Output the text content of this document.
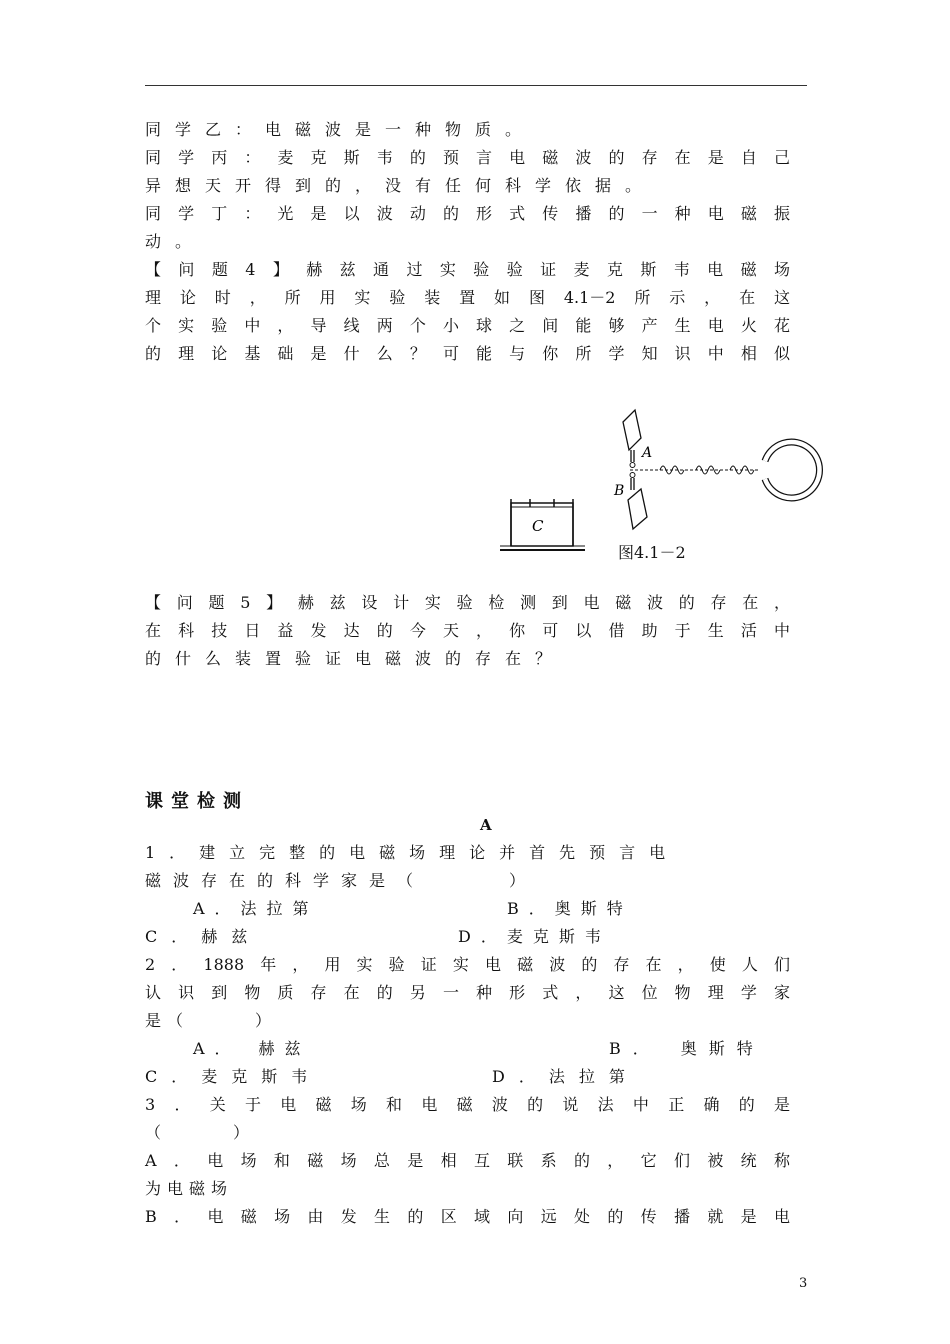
同学乙：电磁波是一种物质。
同学丙：麦克斯韦的预言电磁波的存在是自己
异想天开得到的，没有任何科学依据。
同学丁：光是以波动的形式传播的一种电磁振
动。
【问题4】赫兹通过实验验证麦克斯韦电磁场
理论时，所用实验装置如图4.1－2所示，在这
个实验中，导线两个小球之间能够产生电火花
的理论基础是什么？可能与你所学知识中相似
C
A
B
图4.1－2
【问题5】赫兹设计实验检测到电磁波的存在，
在科技日益发达的今天，你可以借助于生活中
的什么装置验证电磁波的存在？
课堂检测
A
1．建立完整的电磁场理论并首先预言电
磁波存在的科学家是（　　　）
A．法拉第	B．奥斯特
C．赫兹	D．麦克斯韦
2．1888年，用实验证实电磁波的存在，使人们
认识到物质存在的另一种形式，这位物理学家
是（　　　）
A．　赫兹	B．　奥斯特
C．麦克斯韦	D．法拉第
3．关于电磁场和电磁波的说法中正确的是
（　　　）
A．电场和磁场总是相互联系的，它们被统称
为电磁场
B．电磁场由发生的区域向远处的传播就是电
3
